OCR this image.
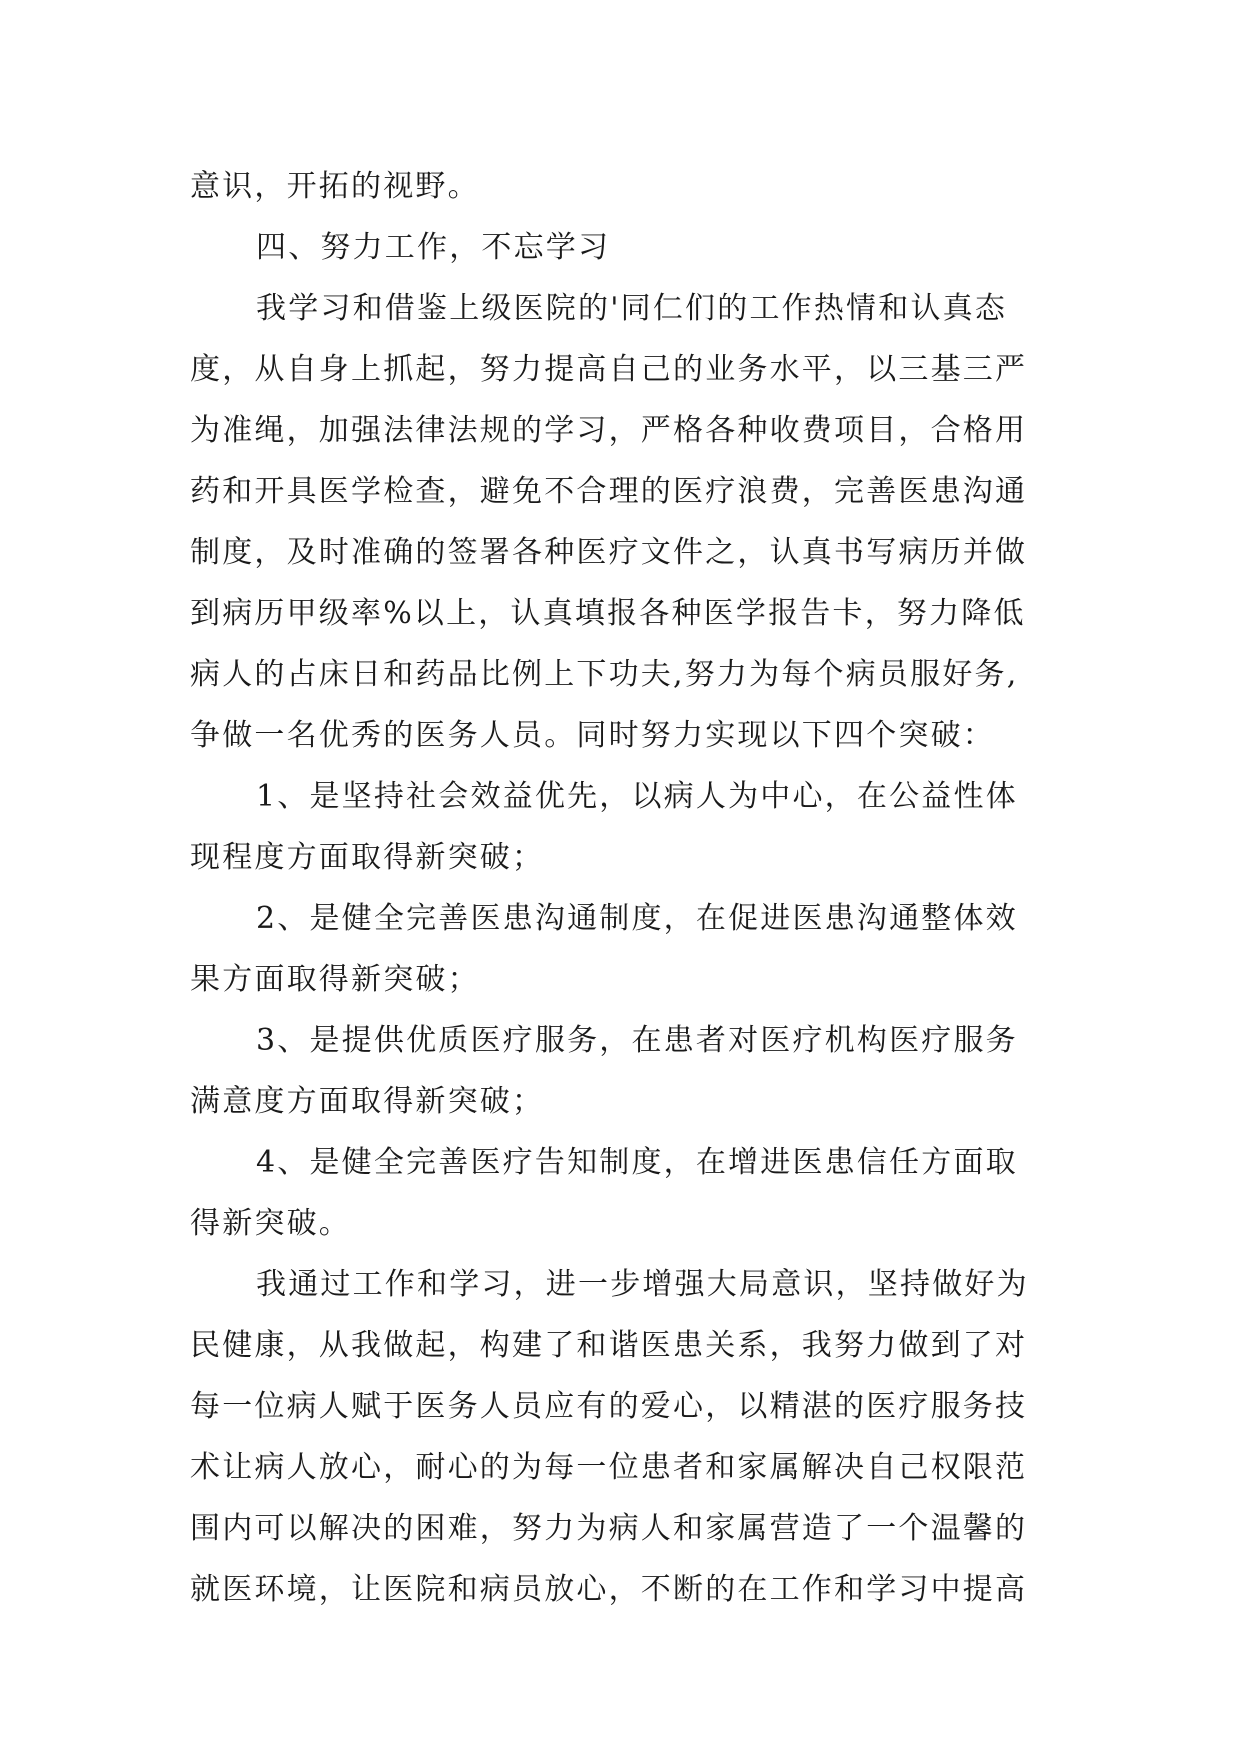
意识，开拓的视野。
四、努力工作，不忘学习
我学习和借鉴上级医院的'同仁们的工作热情和认真态
度，从自身上抓起，努力提高自己的业务水平，以三基三严
为准绳，加强法律法规的学习，严格各种收费项目，合格用
药和开具医学检查，避免不合理的医疗浪费，完善医患沟通
制度，及时准确的签署各种医疗文件之，认真书写病历并做
到病历甲级率%以上，认真填报各种医学报告卡，努力降低
病人的占床日和药品比例上下功夫,努力为每个病员服好务,
争做一名优秀的医务人员。同时努力实现以下四个突破：
1、是坚持社会效益优先，以病人为中心，在公益性体
现程度方面取得新突破；
2、是健全完善医患沟通制度，在促进医患沟通整体效
果方面取得新突破；
3、是提供优质医疗服务，在患者对医疗机构医疗服务
满意度方面取得新突破；
4、是健全完善医疗告知制度，在增进医患信任方面取
得新突破。
我通过工作和学习，进一步增强大局意识，坚持做好为
民健康，从我做起，构建了和谐医患关系，我努力做到了对
每一位病人赋于医务人员应有的爱心，以精湛的医疗服务技
术让病人放心，耐心的为每一位患者和家属解决自己权限范
围内可以解决的困难，努力为病人和家属营造了一个温馨的
就医环境，让医院和病员放心，不断的在工作和学习中提高
